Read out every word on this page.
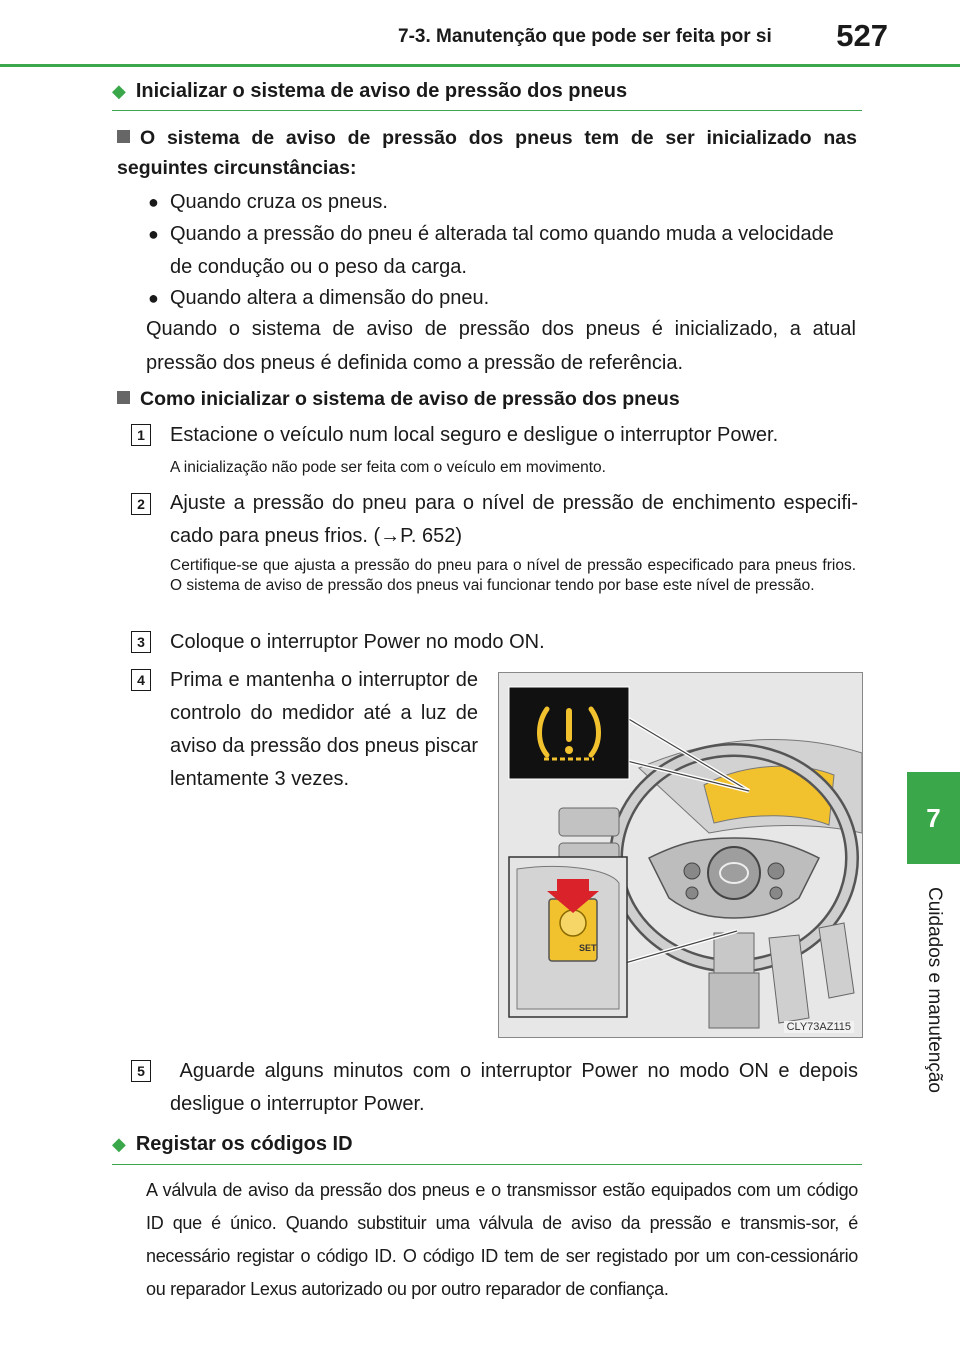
7-3. Manutenção que pode ser feita por si 527
7
Cuidados e manutenção
◆ Inicializar o sistema de aviso de pressão dos pneus
O sistema de aviso de pressão dos pneus tem de ser inicializado nas seguintes circunstâncias:
● Quando cruza os pneus.
● Quando a pressão do pneu é alterada tal como quando muda a velocidade de condução ou o peso da carga.
● Quando altera a dimensão do pneu.
Quando o sistema de aviso de pressão dos pneus é inicializado, a atual pressão dos pneus é definida como a pressão de referência.
Como inicializar o sistema de aviso de pressão dos pneus
1	Estacione o veículo num local seguro e desligue o interruptor Power.
A inicialização não pode ser feita com o veículo em movimento.
2	Ajuste a pressão do pneu para o nível de pressão de enchimento especifi-cado para pneus frios. (→P. 652)
Certifique-se que ajusta a pressão do pneu para o nível de pressão especificado para pneus frios. O sistema de aviso de pressão dos pneus vai funcionar tendo por base este nível de pressão.
3	Coloque o interruptor Power no modo ON.
4	Prima e mantenha o interruptor de controlo do medidor até a luz de aviso da pressão dos pneus piscar lentamente 3 vezes.
SET
CLY73AZ115
5	Aguarde alguns minutos com o interruptor Power no modo ON e depois desligue o interruptor Power.
◆ Registar os códigos ID
A válvula de aviso da pressão dos pneus e o transmissor estão equipados com um código ID que é único. Quando substituir uma válvula de aviso da pressão e transmis-sor, é necessário registar o código ID. O código ID tem de ser registado por um con-cessionário ou reparador Lexus autorizado ou por outro reparador de confiança.
